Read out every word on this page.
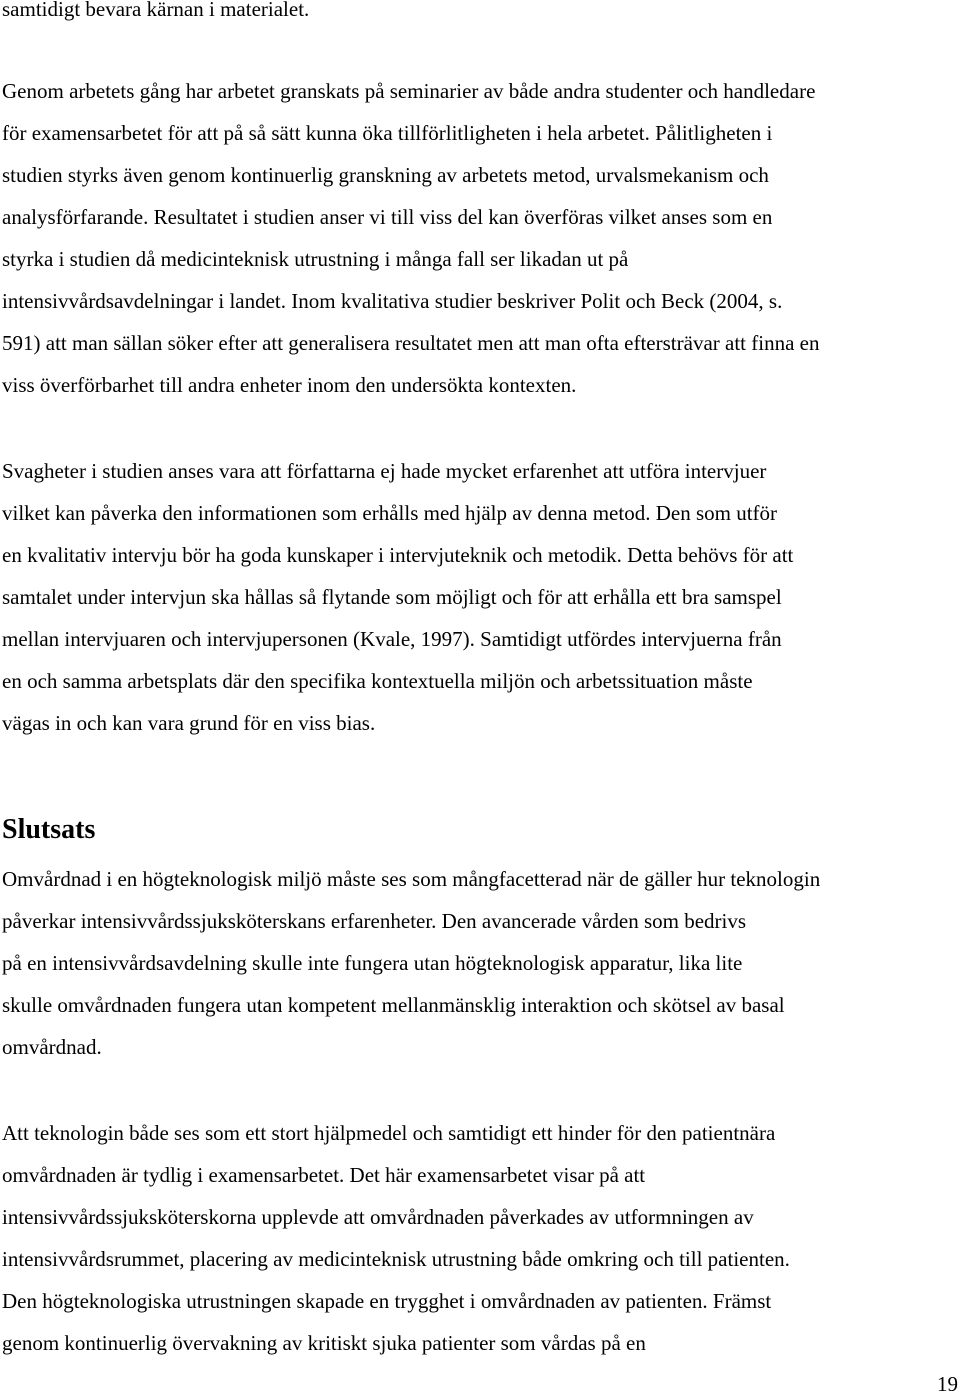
samtidigt bevara kärnan i materialet.

Genom arbetets gång har arbetet granskats på seminarier av både andra studenter och handledare

för examensarbetet för att på så sätt kunna öka tillförlitligheten i hela arbetet. Pålitligheten i

studien styrks även genom kontinuerlig granskning av arbetets metod, urvalsmekanism och

analysförfarande. Resultatet i studien anser vi till viss del kan överföras vilket anses som en

styrka i studien då medicinteknisk utrustning i många fall ser likadan ut på

intensivvårdsavdelningar i landet. Inom kvalitativa studier beskriver Polit och Beck (2004, s.

591) att man sällan söker efter att generalisera resultatet men att man ofta eftersträvar att finna en

viss överförbarhet till andra enheter inom den undersökta kontexten.

Svagheter i studien anses vara att författarna ej hade mycket erfarenhet att utföra intervjuer

vilket kan påverka den informationen som erhålls med hjälp av denna metod. Den som utför

en kvalitativ intervju bör ha goda kunskaper i intervjuteknik och metodik. Detta behövs för att

samtalet under intervjun ska hållas så flytande som möjligt och för att erhålla ett bra samspel

mellan intervjuaren och intervjupersonen (Kvale, 1997). Samtidigt utfördes intervjuerna från

en och samma arbetsplats där den specifika kontextuella miljön och arbetssituation måste

vägas in och kan vara grund för en viss bias.

Slutsats

Omvårdnad i en högteknologisk miljö måste ses som mångfacetterad när de gäller hur teknologin

påverkar intensivvårdssjuksköterskans erfarenheter. Den avancerade vården som bedrivs

på en intensivvårdsavdelning skulle inte fungera utan högteknologisk apparatur, lika lite

skulle omvårdnaden fungera utan kompetent mellanmänsklig interaktion och skötsel av basal

omvårdnad.

Att teknologin både ses som ett stort hjälpmedel och samtidigt ett hinder för den patientnära

omvårdnaden är tydlig i examensarbetet. Det här examensarbetet visar på att

intensivvårdssjuksköterskorna upplevde att omvårdnaden påverkades av utformningen av

intensivvårdsrummet, placering av medicinteknisk utrustning både omkring och till patienten.

Den högteknologiska utrustningen skapade en trygghet i omvårdnaden av patienten. Främst

genom kontinuerlig övervakning av kritiskt sjuka patienter som vårdas på en

19
